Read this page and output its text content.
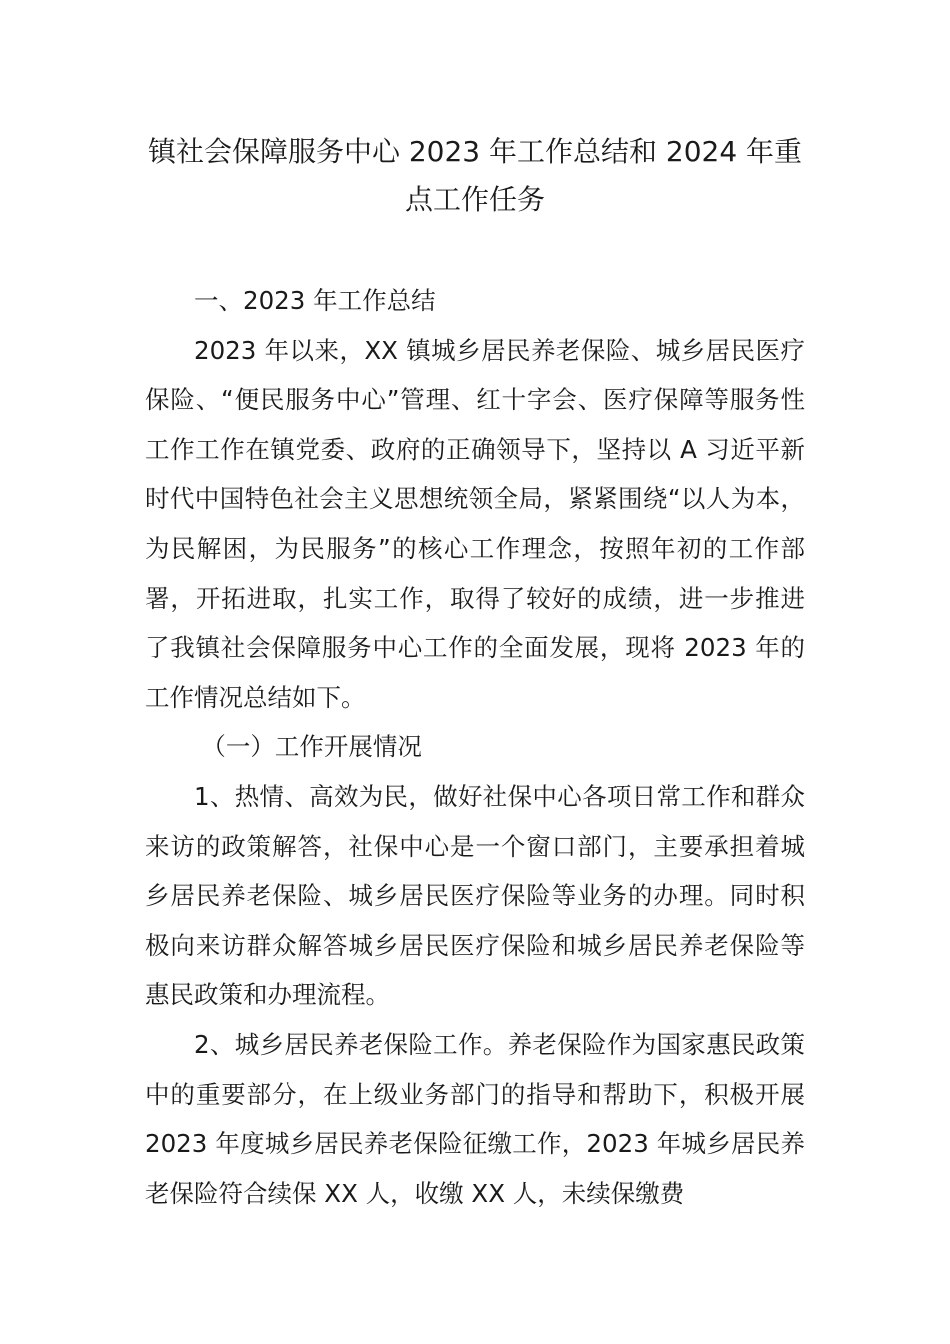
镇社会保障服务中心 2023 年工作总结和 2024 年重
点工作任务

一、2023 年工作总结

2023 年以来，XX 镇城乡居民养老保险、城乡居民医疗保险、“便民服务中心”管理、红十字会、医疗保障等服务性工作工作在镇党委、政府的正确领导下，坚持以 A 习近平新时代中国特色社会主义思想统领全局，紧紧围绕“以人为本，为民解困，为民服务”的核心工作理念，按照年初的工作部署，开拓进取，扎实工作，取得了较好的成绩，进一步推进了我镇社会保障服务中心工作的全面发展，现将 2023 年的工作情况总结如下。

（一）工作开展情况

1、热情、高效为民，做好社保中心各项日常工作和群众来访的政策解答，社保中心是一个窗口部门，主要承担着城乡居民养老保险、城乡居民医疗保险等业务的办理。同时积极向来访群众解答城乡居民医疗保险和城乡居民养老保险等惠民政策和办理流程。

2、城乡居民养老保险工作。养老保险作为国家惠民政策中的重要部分，在上级业务部门的指导和帮助下，积极开展 2023 年度城乡居民养老保险征缴工作，2023 年城乡居民养老保险符合续保 XX 人，收缴 XX 人，未续保缴费
